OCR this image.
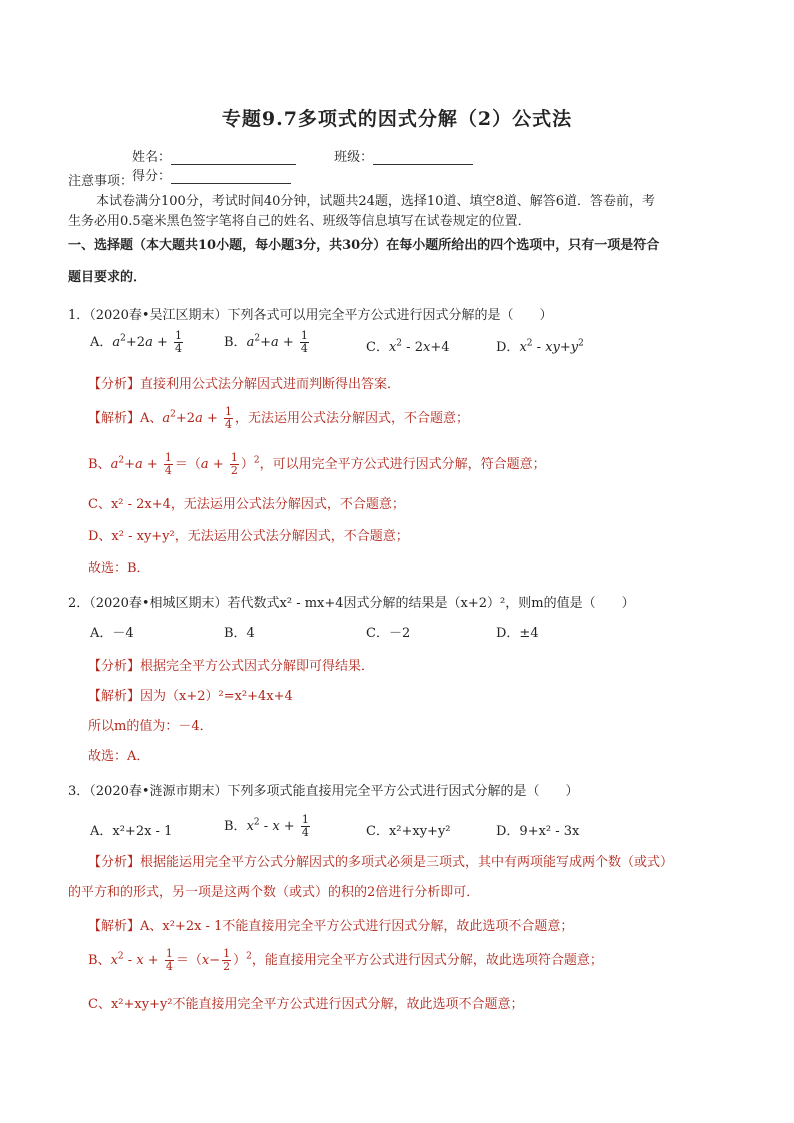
专题9.7多项式的因式分解（2）公式法
姓名：	班级： 得分：
注意事项：
本试卷满分100分，考试时间40分钟，试题共24题，选择10道、填空8道、解答6道．答卷前，考
生务必用0.5毫米黑色签字笔将自己的姓名、班级等信息填写在试卷规定的位置．
一、选择题（本大题共10小题，每小题3分，共30分）在每小题所给出的四个选项中，只有一项是符合
题目要求的．
1．（2020春•吴江区期末）下列各式可以用完全平方公式进行因式分解的是（　　）
A．$a^2+2a + \frac{1}{4}$	B．$a^2+a + \frac{1}{4}$	C．$x^2 - 2x+4$	D．$x^2 - xy+y^2$
【分析】直接利用公式法分解因式进而判断得出答案．
【解析】A、$a^2+2a + \frac{1}{4}$ ，无法运用公式法分解因式，不合题意；
B、$a^2+a + \frac{1}{4} =(a + \frac{1}{2} )^2$，可以用完全平方公式进行因式分解，符合题意；
C、x² - 2x+4，无法运用公式法分解因式，不合题意；
D、x² - xy+y²，无法运用公式法分解因式，不合题意；
故选：B．
2．（2020春•相城区期末）若代数式x² - mx+4因式分解的结果是（x+2）²，则m的值是（　　）
A．－4	B．4	C．－2	D．±4
【分析】根据完全平方公式因式分解即可得结果．
【解析】因为（x+2）²=x²+4x+4
所以m的值为：－4．
故选：A．
3．（2020春•涟源市期末）下列多项式能直接用完全平方公式进行因式分解的是（　　）
A．x²+2x - 1	B．$x^2 - x + \frac{1}{4}$	C．x²+xy+y²	D．9+x² - 3x
【分析】根据能运用完全平方公式分解因式的多项式必须是三项式，其中有两项能写成两个数（或式）
的平方和的形式，另一项是这两个数（或式）的积的2倍进行分析即可．
【解析】A、x²+2x - 1不能直接用完全平方公式进行因式分解，故此选项不合题意；
B、$x^2 - x + \frac{1}{4} =(x- \frac{1}{2} )^2$，能直接用完全平方公式进行因式分解，故此选项符合题意；
C、x²+xy+y²不能直接用完全平方公式进行因式分解，故此选项不合题意；
